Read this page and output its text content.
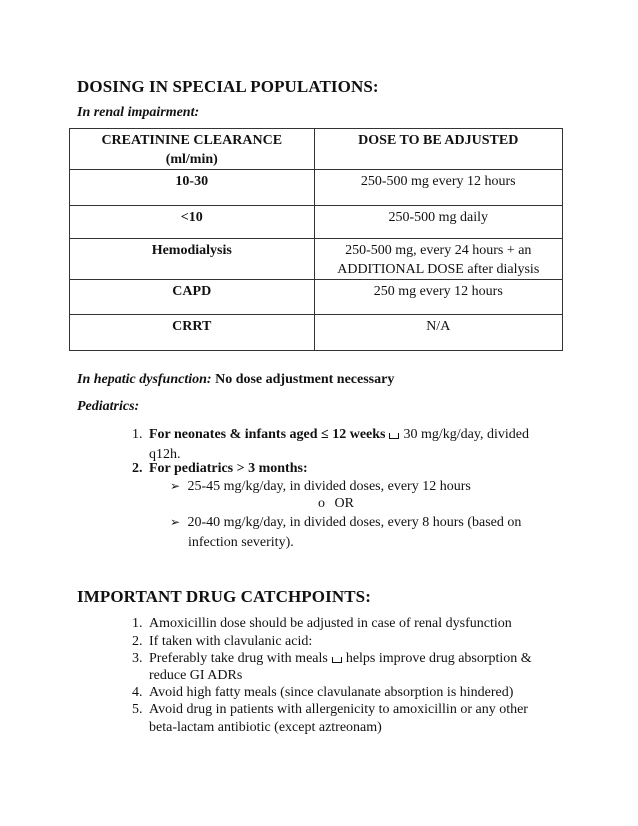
DOSING IN SPECIAL POPULATIONS:
In renal impairment:
CREATININE CLEARANCE
(ml/min)	DOSE TO BE ADJUSTED
10-30	250-500 mg every 12 hours
<10	250-500 mg daily
Hemodialysis	250-500 mg, every 24 hours + an
ADDITIONAL DOSE after dialysis
CAPD	250 mg every 12 hours
CRRT	N/A
In hepatic dysfunction: No dose adjustment necessary
Pediatrics:
1. For neonates & infants aged ≤ 12 weeks 30 mg/kg/day, divided
q12h.
2. For pediatrics > 3 months:
➢ 25-45 mg/kg/day, in divided doses, every 12 hours
o OR
➢ 20-40 mg/kg/day, in divided doses, every 8 hours (based on
infection severity).
IMPORTANT DRUG CATCHPOINTS:
1. Amoxicillin dose should be adjusted in case of renal dysfunction
2. If taken with clavulanic acid:
3. Preferably take drug with meals helps improve drug absorption &
reduce GI ADRs
4. Avoid high fatty meals (since clavulanate absorption is hindered)
5. Avoid drug in patients with allergenicity to amoxicillin or any other
beta-lactam antibiotic (except aztreonam)
